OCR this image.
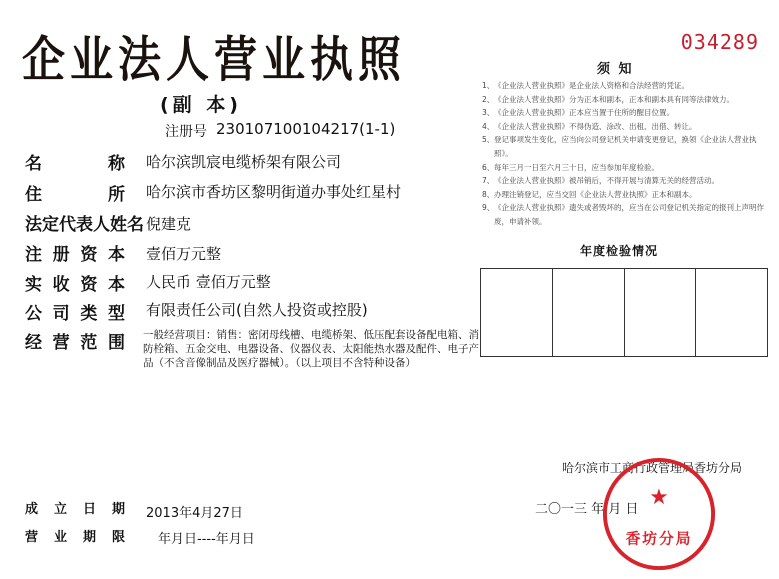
企业法人营业执照	034289
(副 本)
注册号 230107100104217(1-1)
名	称 哈尔滨凯宸电缆桥架有限公司
住	所 哈尔滨市香坊区黎明街道办事处红星村
法定代表人姓名 倪建克
注 册 资 本 壹佰万元整
实 收 资 本 人民币 壹佰万元整
公 司 类 型 有限责任公司(自然人投资或控股)
经 营 范 围 一般经营项目：销售：密闭母线槽、电缆桥架、低压配套设备配电箱、消防栓箱、五金交电、电器设备、仪器仪表、太阳能热水器及配件、电子产品（不含音像制品及医疗器械）。（以上项目不含特种设备）
须 知
1、 《企业法人营业执照》是企业法人资格和合法经营的凭证。
2、 《企业法人营业执照》分为正本和副本，正本和副本具有同等法律效力。
3、 《企业法人营业执照》正本应当置于住所的醒目位置。
4、 《企业法人营业执照》不得伪造、涂改、出租、出借、转让。
5、 登记事项发生变化，应当向公司登记机关申请变更登记，换领《企业法人营业执照》。
6、 每年三月一日至六月三十日，应当参加年度检验。
7、 《企业法人营业执照》被吊销后，不得开展与清算无关的经营活动。
8、 办理注销登记，应当交回《企业法人营业执照》正本和副本。
9、 《企业法人营业执照》遗失或者毁坏的，应当在公司登记机关指定的报刊上声明作废，申请补领。
年度检验情况
哈尔滨市工商行政管理局香坊分局
二〇一三 年 月 日
成 立 日 期 2013年4月27日
营 业 期 限	年月日----年月日
★
香坊分局
